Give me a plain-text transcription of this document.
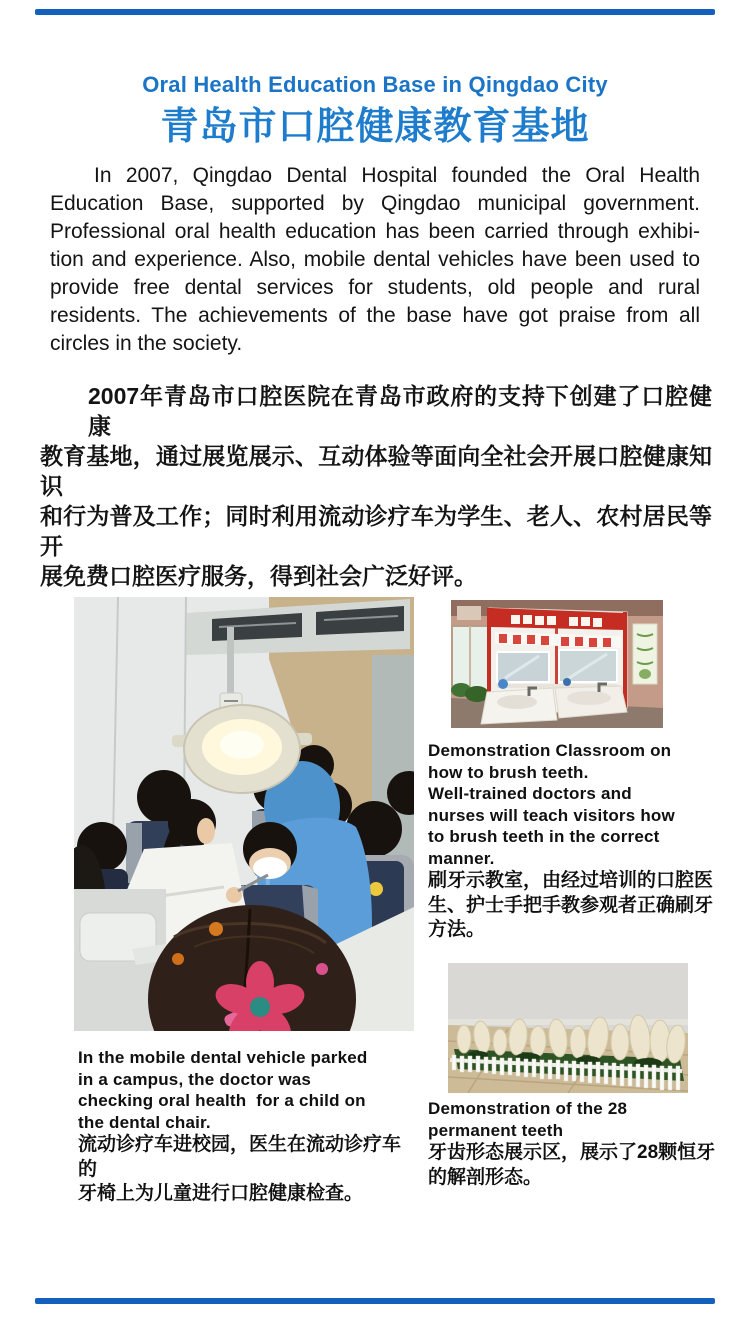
Oral Health Education Base in Qingdao City
青岛市口腔健康教育基地
In 2007, Qingdao Dental Hospital founded the Oral Health
Education Base, supported by Qingdao municipal government.
Professional oral health education has been carried through exhibi-
tion and experience. Also, mobile dental vehicles have been used to
provide free dental services for students, old people and rural
residents. The achievements of the base have got praise from all
circles in the society.
2007年青岛市口腔医院在青岛市政府的支持下创建了口腔健康
教育基地，通过展览展示、互动体验等面向全社会开展口腔健康知识
和行为普及工作；同时利用流动诊疗车为学生、老人、农村居民等开
展免费口腔医疗服务，得到社会广泛好评。
Demonstration Classroom on
how to brush teeth.
Well-trained doctors and
nurses will teach visitors how
to brush teeth in the correct
manner.
刷牙示教室，由经过培训的口腔医
生、护士手把手教参观者正确刷牙
方法。
Demonstration of the 28
permanent teeth
牙齿形态展示区，展示了28颗恒牙
的解剖形态。
In the mobile dental vehicle parked
in a campus, the doctor was
checking oral health  for a child on
the dental chair.
流动诊疗车进校园，医生在流动诊疗车的
牙椅上为儿童进行口腔健康检查。
